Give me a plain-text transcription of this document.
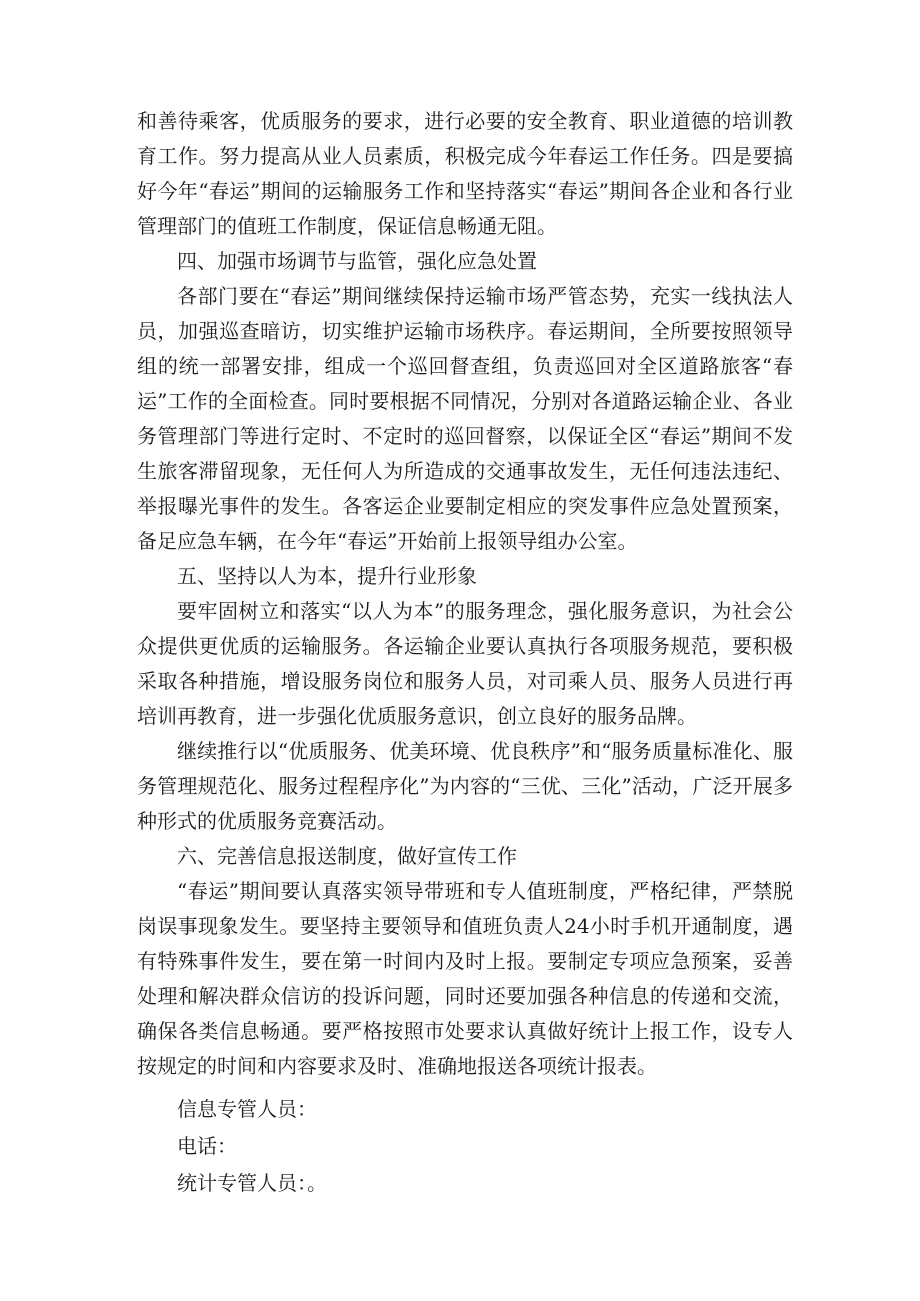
和善待乘客，优质服务的要求，进行必要的安全教育、职业道德的培训教育工作。努力提高从业人员素质，积极完成今年春运工作任务。四是要搞好今年“春运”期间的运输服务工作和坚持落实“春运”期间各企业和各行业管理部门的值班工作制度，保证信息畅通无阻。

四、加强市场调节与监管，强化应急处置

各部门要在“春运”期间继续保持运输市场严管态势，充实一线执法人员，加强巡查暗访，切实维护运输市场秩序。春运期间，全所要按照领导组的统一部署安排，组成一个巡回督查组，负责巡回对全区道路旅客“春运”工作的全面检查。同时要根据不同情况，分别对各道路运输企业、各业务管理部门等进行定时、不定时的巡回督察，以保证全区“春运”期间不发生旅客滞留现象，无任何人为所造成的交通事故发生，无任何违法违纪、举报曝光事件的发生。各客运企业要制定相应的突发事件应急处置预案，备足应急车辆，在今年“春运”开始前上报领导组办公室。

五、坚持以人为本，提升行业形象

要牢固树立和落实“以人为本”的服务理念，强化服务意识，为社会公众提供更优质的运输服务。各运输企业要认真执行各项服务规范，要积极采取各种措施，增设服务岗位和服务人员，对司乘人员、服务人员进行再培训再教育，进一步强化优质服务意识，创立良好的服务品牌。

继续推行以“优质服务、优美环境、优良秩序”和“服务质量标准化、服务管理规范化、服务过程程序化”为内容的“三优、三化”活动，广泛开展多种形式的优质服务竞赛活动。

六、完善信息报送制度，做好宣传工作

“春运”期间要认真落实领导带班和专人值班制度，严格纪律，严禁脱岗误事现象发生。要坚持主要领导和值班负责人24小时手机开通制度，遇有特殊事件发生，要在第一时间内及时上报。要制定专项应急预案，妥善处理和解决群众信访的投诉问题，同时还要加强各种信息的传递和交流，确保各类信息畅通。要严格按照市处要求认真做好统计上报工作，设专人按规定的时间和内容要求及时、准确地报送各项统计报表。

信息专管人员：

电话：

统计专管人员：。
